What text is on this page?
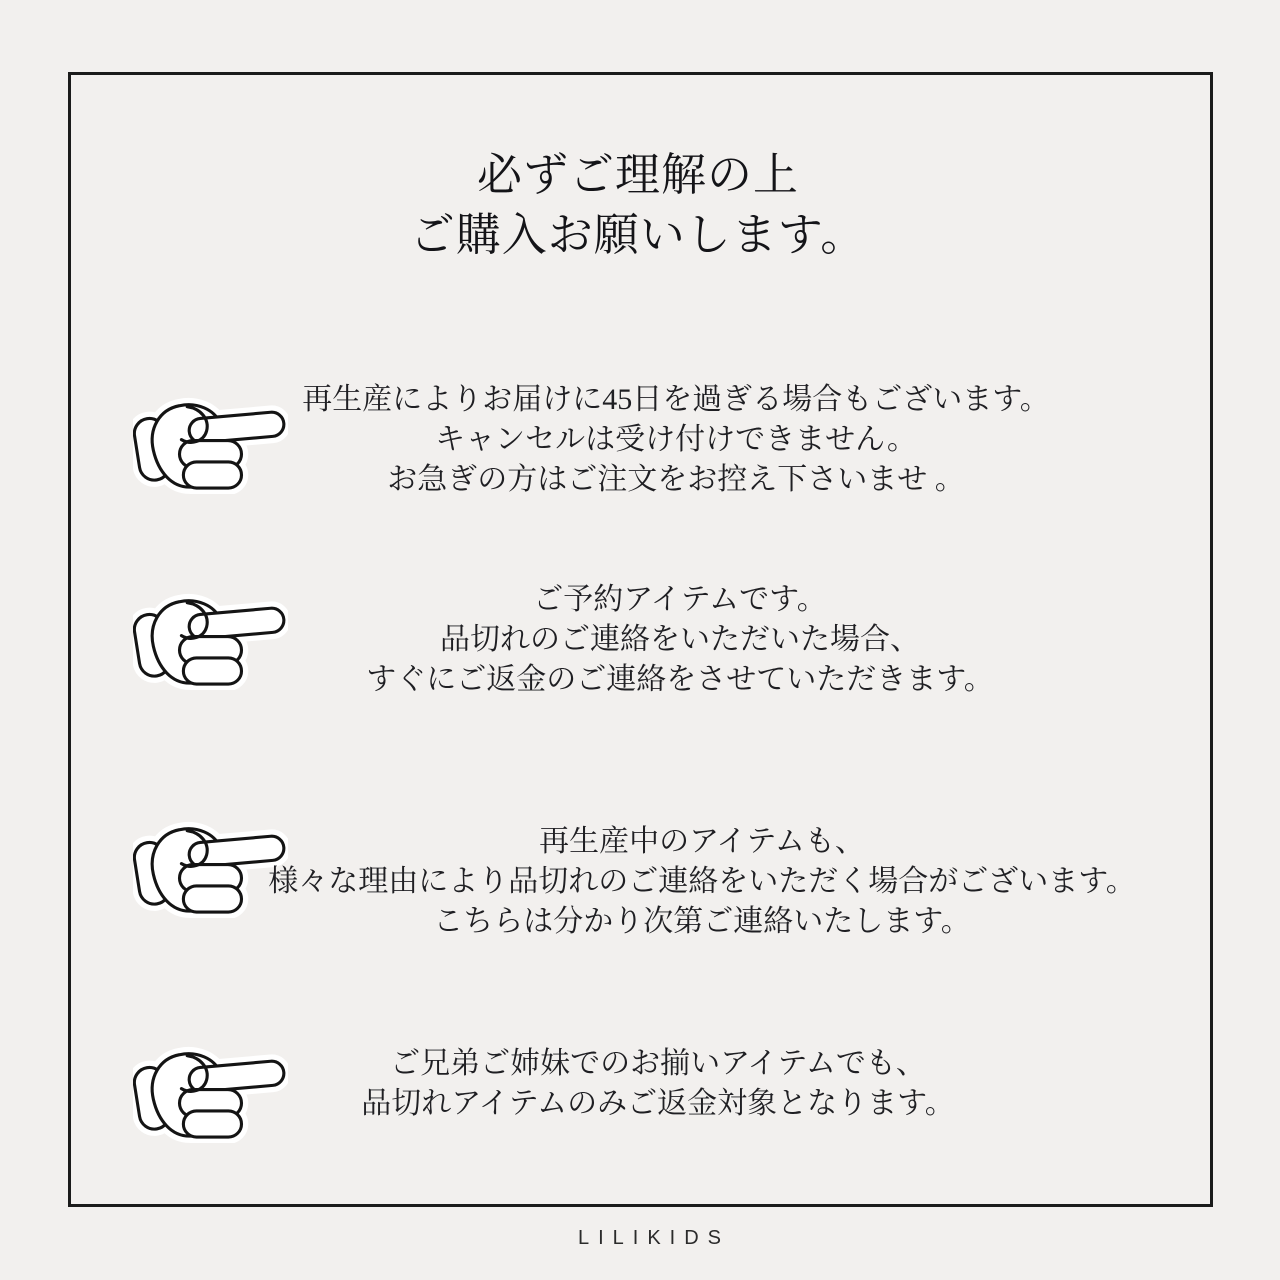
必ずご理解の上
ご購入お願いします。
再生産によりお届けに45日を過ぎる場合もございます。
キャンセルは受け付けできません。
お急ぎの方はご注文をお控え下さいませ 。
ご予約アイテムです。
品切れのご連絡をいただいた場合、
すぐにご返金のご連絡をさせていただきます。
再生産中のアイテムも、
様々な理由により品切れのご連絡をいただく場合がございます。
こちらは分かり次第ご連絡いたします。
ご兄弟ご姉妹でのお揃いアイテムでも、
品切れアイテムのみご返金対象となります。
LILIKIDS
